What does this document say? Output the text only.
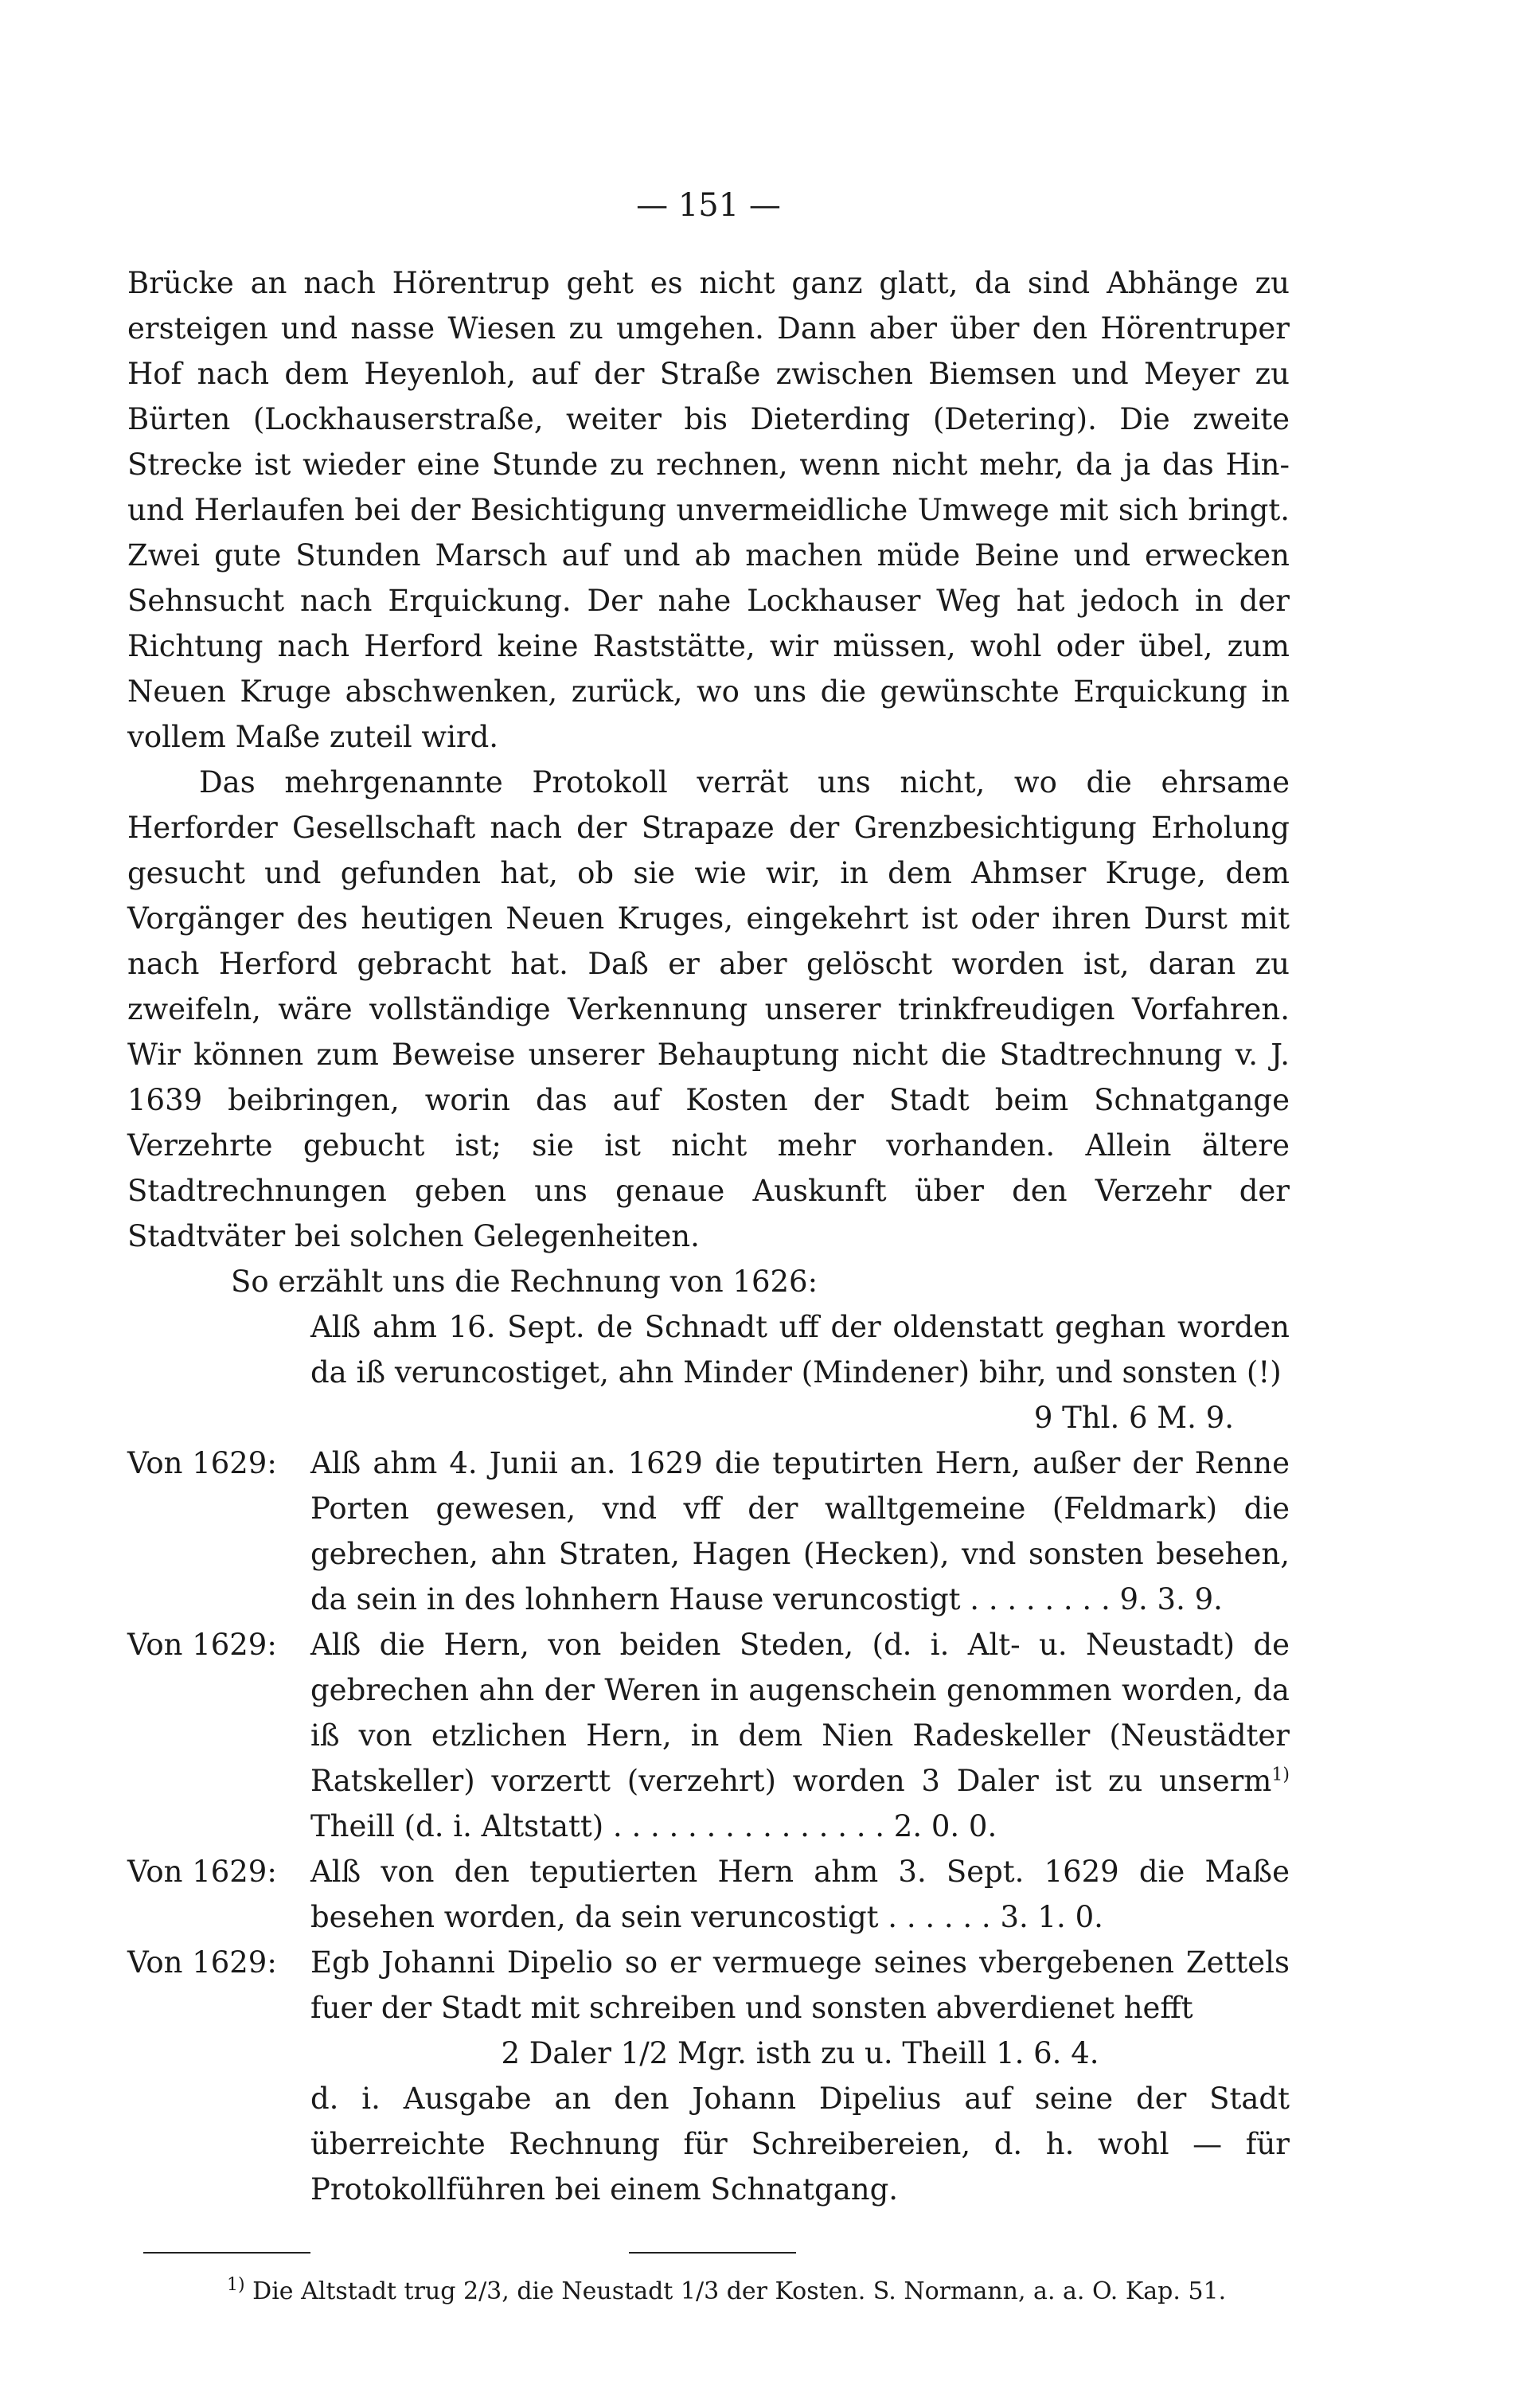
— 151 —

Brücke an nach Hörentrup geht es nicht ganz glatt, da sind Abhänge zu ersteigen und nasse Wiesen zu umgehen. Dann aber über den Hörentruper Hof nach dem Heyenloh, auf der Straße zwischen Biemsen und Meyer zu Bürten (Lockhauserstraße, weiter bis Dieterding (Detering). Die zweite Strecke ist wieder eine Stunde zu rechnen, wenn nicht mehr, da ja das Hin- und Herlaufen bei der Besichtigung unvermeidliche Umwege mit sich bringt. Zwei gute Stunden Marsch auf und ab machen müde Beine und erwecken Sehnsucht nach Erquickung. Der nahe Lockhauser Weg hat jedoch in der Richtung nach Herford keine Raststätte, wir müssen, wohl oder übel, zum Neuen Kruge abschwenken, zurück, wo uns die gewünschte Erquickung in vollem Maße zuteil wird.

Das mehrgenannte Protokoll verrät uns nicht, wo die ehrsame Herforder Gesellschaft nach der Strapaze der Grenzbesichtigung Erholung gesucht und gefunden hat, ob sie wie wir, in dem Ahmser Kruge, dem Vorgänger des heutigen Neuen Kruges, eingekehrt ist oder ihren Durst mit nach Herford gebracht hat. Daß er aber gelöscht worden ist, daran zu zweifeln, wäre vollständige Verkennung unserer trinkfreudigen Vorfahren. Wir können zum Beweise unserer Behauptung nicht die Stadtrechnung v. J. 1639 beibringen, worin das auf Kosten der Stadt beim Schnatgange Verzehrte gebucht ist; sie ist nicht mehr vorhanden. Allein ältere Stadtrechnungen geben uns genaue Auskunft über den Verzehr der Stadtväter bei solchen Gelegenheiten.

So erzählt uns die Rechnung von 1626:

Alß ahm 16. Sept. de Schnadt uff der oldenstatt geghan worden da iß veruncostiget, ahn Minder (Mindener) bihr, und sonsten (!)

9 Thl. 6 M. 9.
Von 1629:	Alß ahm 4. Junii an. 1629 die teputirten Hern, außer der Renne Porten gewesen, vnd vff der walltgemeine (Feldmark) die gebrechen, ahn Straten, Hagen (Hecken), vnd sonsten besehen, da sein in des lohnhern Hause veruncostigt . . . . . . . . 9. 3. 9.
Von 1629:	Alß die Hern, von beiden Steden, (d. i. Alt- u. Neustadt) de gebrechen ahn der Weren in augenschein genommen worden, da iß von etzlichen Hern, in dem Nien Radeskeller (Neustädter Ratskeller) vorzertt (verzehrt) worden 3 Daler ist zu unserm$^{1)}$ Theill (d. i. Altstatt) . . . . . . . . . . . . . . . 2. 0. 0.
Von 1629:	Alß von den teputierten Hern ahm 3. Sept. 1629 die Maße besehen worden, da sein veruncostigt . . . . . . 3. 1. 0.
Von 1629:	Egb Johanni Dipelio so er vermuege seines vbergebenen Zettels fuer der Stadt mit schreiben und sonsten abverdienet hefft
2 Daler 1/2 Mgr. isth zu u. Theill 1. 6. 4.

d. i. Ausgabe an den Johann Dipelius auf seine der Stadt überreichte Rechnung für Schreibereien, d. h. wohl — für Protokollführen bei einem Schnatgang.

$^{1)}$ Die Altstadt trug 2/3, die Neustadt 1/3 der Kosten. S. Normann, a. a. O. Kap. 51.
